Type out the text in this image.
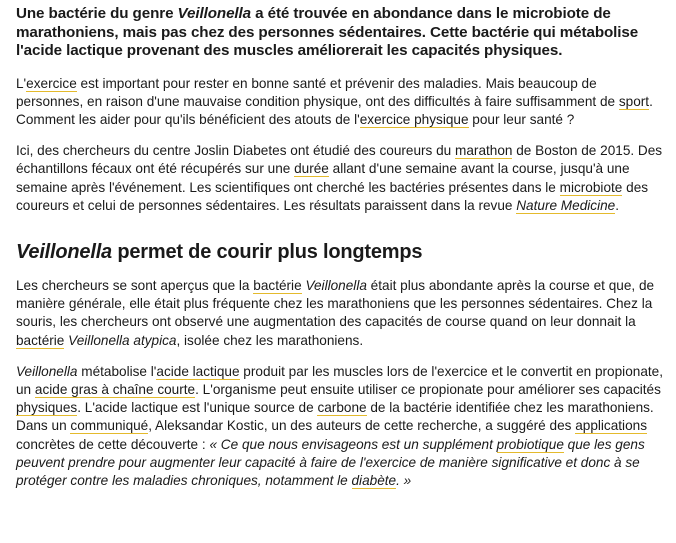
Une bactérie du genre Veillonella a été trouvée en abondance dans le microbiote de marathoniens, mais pas chez des personnes sédentaires. Cette bactérie qui métabolise l'acide lactique provenant des muscles améliorerait les capacités physiques.

L'exercice est important pour rester en bonne santé et prévenir des maladies. Mais beaucoup de personnes, en raison d'une mauvaise condition physique, ont des difficultés à faire suffisamment de sport. Comment les aider pour qu'ils bénéficient des atouts de l'exercice physique pour leur santé ?

Ici, des chercheurs du centre Joslin Diabetes ont étudié des coureurs du marathon de Boston de 2015. Des échantillons fécaux ont été récupérés sur une durée allant d'une semaine avant la course, jusqu'à une semaine après l'événement. Les scientifiques ont cherché les bactéries présentes dans le microbiote des coureurs et celui de personnes sédentaires. Les résultats paraissent dans la revue Nature Medicine.

Veillonella permet de courir plus longtemps

Les chercheurs se sont aperçus que la bactérie Veillonella était plus abondante après la course et que, de manière générale, elle était plus fréquente chez les marathoniens que les personnes sédentaires. Chez la souris, les chercheurs ont observé une augmentation des capacités de course quand on leur donnait la bactérie Veillonella atypica, isolée chez les marathoniens.

Veillonella métabolise l'acide lactique produit par les muscles lors de l'exercice et le convertit en propionate, un acide gras à chaîne courte. L'organisme peut ensuite utiliser ce propionate pour améliorer ses capacités physiques. L'acide lactique est l'unique source de carbone de la bactérie identifiée chez les marathoniens. Dans un communiqué, Aleksandar Kostic, un des auteurs de cette recherche, a suggéré des applications concrètes de cette découverte : « Ce que nous envisageons est un supplément probiotique que les gens peuvent prendre pour augmenter leur capacité à faire de l'exercice de manière significative et donc à se protéger contre les maladies chroniques, notamment le diabète. »
